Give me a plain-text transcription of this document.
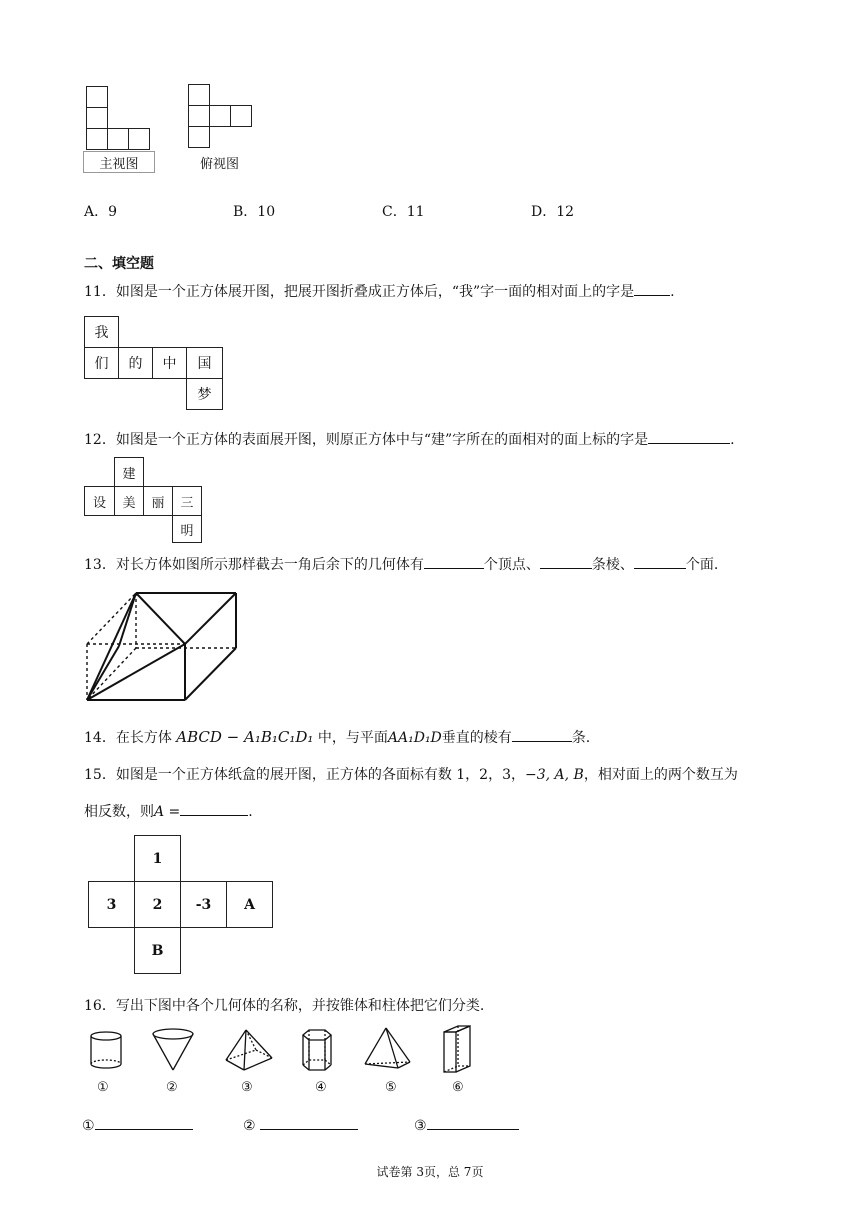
主视图	俯视图
A．9	B．10	C．11	D．12
二、填空题
11．如图是一个正方体展开图，把展开图折叠成正方体后，“我”字一面的相对面上的字是	.
我
们	的	中	国
梦
12．如图是一个正方体的表面展开图，则原正方体中与“建”字所在的面相对的面上标的字是	.
建
设	美	丽	三
明
13．对长方体如图所示那样截去一角后余下的几何体有	个顶点、	条棱、	个面.
14．在长方体 ABCD − A₁B₁C₁D₁ 中，与平面AA₁D₁D垂直的棱有	条.
15．如图是一个正方体纸盒的展开图，正方体的各面标有数 1，2，3，−3, A, B，相对面上的两个数互为
相反数，则A =	.
1
3	2	-3	A
B
16．写出下图中各个几何体的名称，并按锥体和柱体把它们分类.
①	②	③	④	⑤	⑥
①	②	③
试卷第 3页，总 7页
